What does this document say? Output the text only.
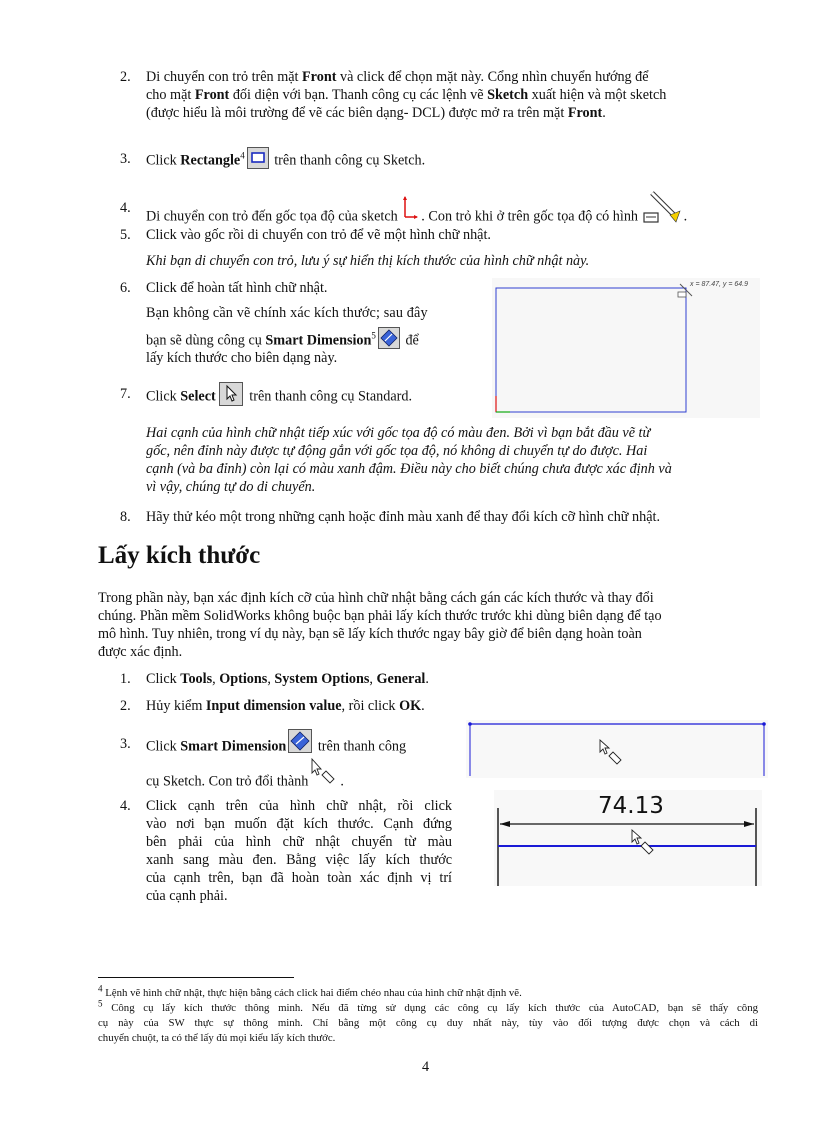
2. Di chuyển con trỏ trên mặt Front và click để chọn mặt này. Cổng nhìn chuyển hướng để

cho mặt Front đối diện với bạn. Thanh công cụ các lệnh vẽ Sketch xuất hiện và một sketch

(được hiểu là môi trường để vẽ các biên dạng- DCL) được mở ra trên mặt Front.

3. Click Rectangle$^4$ trên thanh công cụ Sketch.

4.

Di chuyển con trỏ đến gốc tọa độ của sketch . Con trỏ khi ở trên gốc tọa độ có hình	.

5. Click vào gốc rồi di chuyển con trỏ để vẽ một hình chữ nhật.

Khi bạn di chuyển con trỏ, lưu ý sự hiển thị kích thước của hình chữ nhật này.

6. Click để hoàn tất hình chữ nhật.

Bạn không cần vẽ chính xác kích thước; sau đây

bạn sẽ dùng công cụ Smart Dimension$^5$ để

lấy kích thước cho biên dạng này.

7. Click Select trên thanh công cụ Standard.

x = 87.47, y = 64.9

Hai cạnh của hình chữ nhật tiếp xúc với gốc tọa độ có màu đen. Bởi vì bạn bắt đầu vẽ từ

gốc, nên đỉnh này được tự động gắn với gốc tọa độ, nó không di chuyển tự do được. Hai

cạnh (và ba đỉnh) còn lại có màu xanh đậm. Điều này cho biết chúng chưa được xác định và

vì vậy, chúng tự do di chuyển.

8. Hãy thử kéo một trong những cạnh hoặc đỉnh màu xanh để thay đổi kích cỡ hình chữ nhật.

Lấy kích thước

Trong phần này, bạn xác định kích cỡ của hình chữ nhật bằng cách gán các kích thước và thay đổi

chúng. Phần mềm SolidWorks không buộc bạn phải lấy kích thước trước khi dùng biên dạng để tạo

mô hình. Tuy nhiên, trong ví dụ này, bạn sẽ lấy kích thước ngay bây giờ để biên dạng hoàn toàn

được xác định.

1. Click Tools, Options, System Options, General.

2. Hủy kiểm Input dimension value, rồi click OK.

3. Click Smart Dimension trên thanh công

cụ Sketch. Con trỏ đổi thành .

4. Click cạnh trên của hình chữ nhật, rồi click

vào nơi bạn muốn đặt kích thước. Cạnh đứng

bên phải của hình chữ nhật chuyển từ màu

xanh sang màu đen. Bằng việc lấy kích thước

của cạnh trên, bạn đã hoàn toàn xác định vị trí

của cạnh phải.

74.13

$^4$ Lệnh vẽ hình chữ nhật, thực hiện bằng cách click hai điểm chéo nhau của hình chữ nhật định vẽ.

$^5$ Công cụ lấy kích thước thông minh. Nếu đã từng sử dụng các công cụ lấy kích thước của AutoCAD, bạn sẽ thấy công

cụ này của SW thực sự thông minh. Chỉ bằng một công cụ duy nhất này, tùy vào đối tượng được chọn và cách di

chuyển chuột, ta có thể lấy đủ mọi kiểu lấy kích thước.

4
